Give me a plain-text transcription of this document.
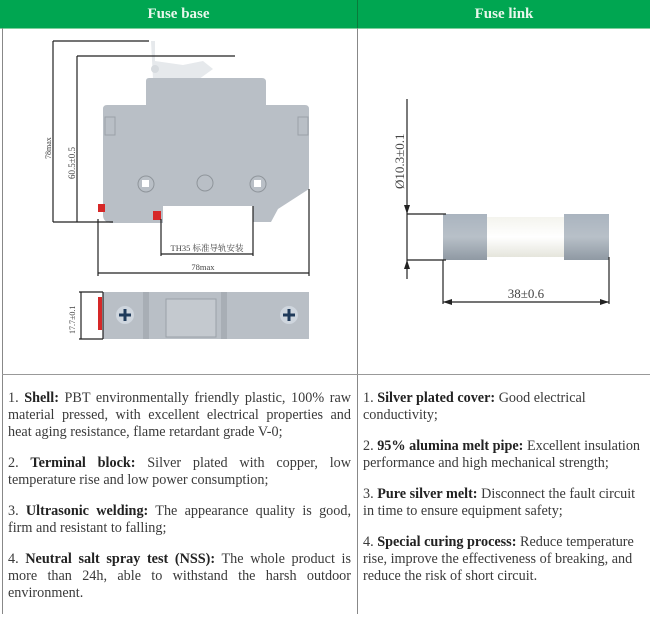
Fuse base	Fuse link
78max 60.5±0.5
TH35 标准导轨安装
78max
17.7±0.1
Ø10.3±0.1
38±0.6

1. Shell: PBT environmentally friendly plastic, 100% raw material pressed, with excellent electrical properties and heat aging resistance, flame retardant grade V-0;

2. Terminal block: Silver plated with copper, low temperature rise and low power consumption;

3. Ultrasonic welding: The appearance quality is good, firm and resistant to falling;

4. Neutral salt spray test (NSS): The whole product is more than 24h, able to withstand the harsh outdoor environment.

1. Silver plated cover: Good electrical conductivity;

2. 95% alumina melt pipe: Excellent insulation performance and high mechanical strength;

3. Pure silver melt: Disconnect the fault circuit in time to ensure equipment safety;

4. Special curing process: Reduce temperature rise, improve the effectiveness of breaking, and reduce the risk of short circuit.
